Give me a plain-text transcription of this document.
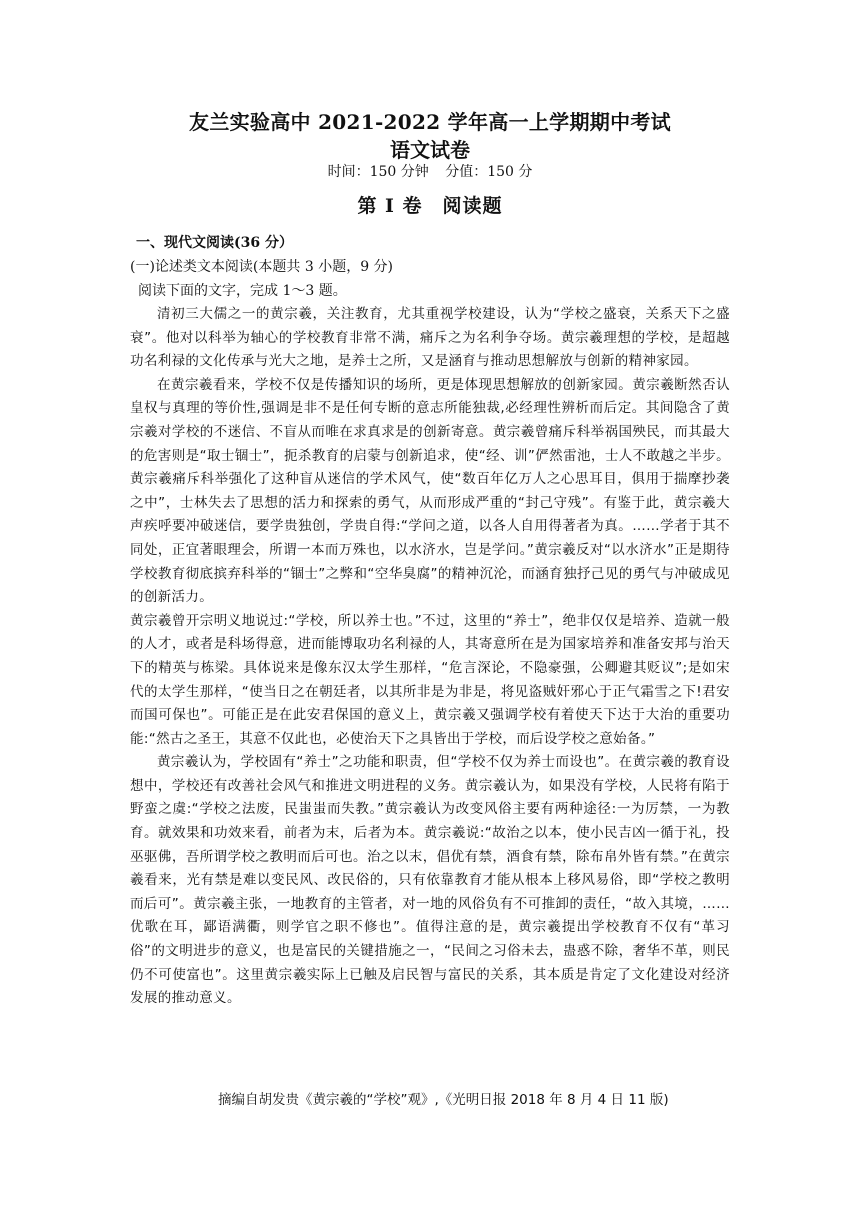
友兰实验高中 2021-2022 学年高一上学期期中考试
语文试卷
时间：150 分钟 分值：150 分
第 Ⅰ 卷　阅读题
一、现代文阅读(36 分）
(一)论述类文本阅读(本题共 3 小题，9 分)
阅读下面的文字，完成 1～3 题。

清初三大儒之一的黄宗羲，关注教育，尤其重视学校建设，认为“学校之盛衰，关系天下之盛衰”。他对以科举为轴心的学校教育非常不满，痛斥之为名利争夺场。黄宗羲理想的学校，是超越功名利禄的文化传承与光大之地，是养士之所，又是涵育与推动思想解放与创新的精神家园。

在黄宗羲看来，学校不仅是传播知识的场所，更是体现思想解放的创新家园。黄宗羲断然否认皇权与真理的等价性,强调是非不是任何专断的意志所能独裁,必经理性辨析而后定。其间隐含了黄宗羲对学校的不迷信、不盲从而唯在求真求是的创新寄意。黄宗羲曾痛斥科举祸国殃民，而其最大的危害则是“取士锢士”，扼杀教育的启蒙与创新追求，使“经、训”俨然雷池，士人不敢越之半步。黄宗羲痛斥科举强化了这种盲从迷信的学术风气，使“数百年亿万人之心思耳目，俱用于揣摩抄袭之中”，士林失去了思想的活力和探索的勇气，从而形成严重的“封己守残”。有鉴于此，黄宗羲大声疾呼要冲破迷信，要学贵独创，学贵自得:“学问之道，以各人自用得著者为真。……学者于其不同处，正宜著眼理会，所谓一本而万殊也，以水济水，岂是学问。”黄宗羲反对“以水济水”正是期待学校教育彻底摈弃科举的“锢士”之弊和“空华臭腐”的精神沉沦，而涵育独抒己见的勇气与冲破成见的创新活力。

黄宗羲曾开宗明义地说过:“学校，所以养士也。”不过，这里的“养士”，绝非仅仅是培养、造就一般的人才，或者是科场得意，进而能博取功名利禄的人，其寄意所在是为国家培养和准备安邦与治天下的精英与栋梁。具体说来是像东汉太学生那样，“危言深论，不隐豪强，公卿避其贬议”;是如宋代的太学生那样，“使当日之在朝廷者，以其所非是为非是，将见盗贼奸邪心于正气霜雪之下!君安而国可保也”。可能正是在此安君保国的意义上，黄宗羲又强调学校有着使天下达于大治的重要功能:“然古之圣王，其意不仅此也，必使治天下之具皆出于学校，而后设学校之意始备。”

黄宗羲认为，学校固有“养士”之功能和职责，但“学校不仅为养士而设也”。在黄宗羲的教育设想中，学校还有改善社会风气和推进文明进程的义务。黄宗羲认为，如果没有学校，人民将有陷于野蛮之虞:“学校之法废，民蚩蚩而失教。”黄宗羲认为改变风俗主要有两种途径:一为厉禁，一为教育。就效果和功效来看，前者为末，后者为本。黄宗羲说:“故治之以本，使小民吉凶一循于礼，投巫驱佛，吾所谓学校之教明而后可也。治之以末，倡优有禁，酒食有禁，除布帛外皆有禁。”在黄宗羲看来，光有禁是难以变民风、改民俗的，只有依靠教育才能从根本上移风易俗，即“学校之教明而后可”。黄宗羲主张，一地教育的主管者，对一地的风俗负有不可推卸的责任，“故入其境，……优歌在耳，鄙语满衢，则学官之职不修也”。值得注意的是，黄宗羲提出学校教育不仅有“革习俗”的文明进步的意义，也是富民的关键措施之一，“民间之习俗未去，蛊惑不除，奢华不革，则民仍不可使富也”。这里黄宗羲实际上已触及启民智与富民的关系，其本质是肯定了文化建设对经济发展的推动意义。

摘编自胡发贵《黄宗羲的“学校”观》,《光明日报 2018 年 8 月 4 日 11 版)
